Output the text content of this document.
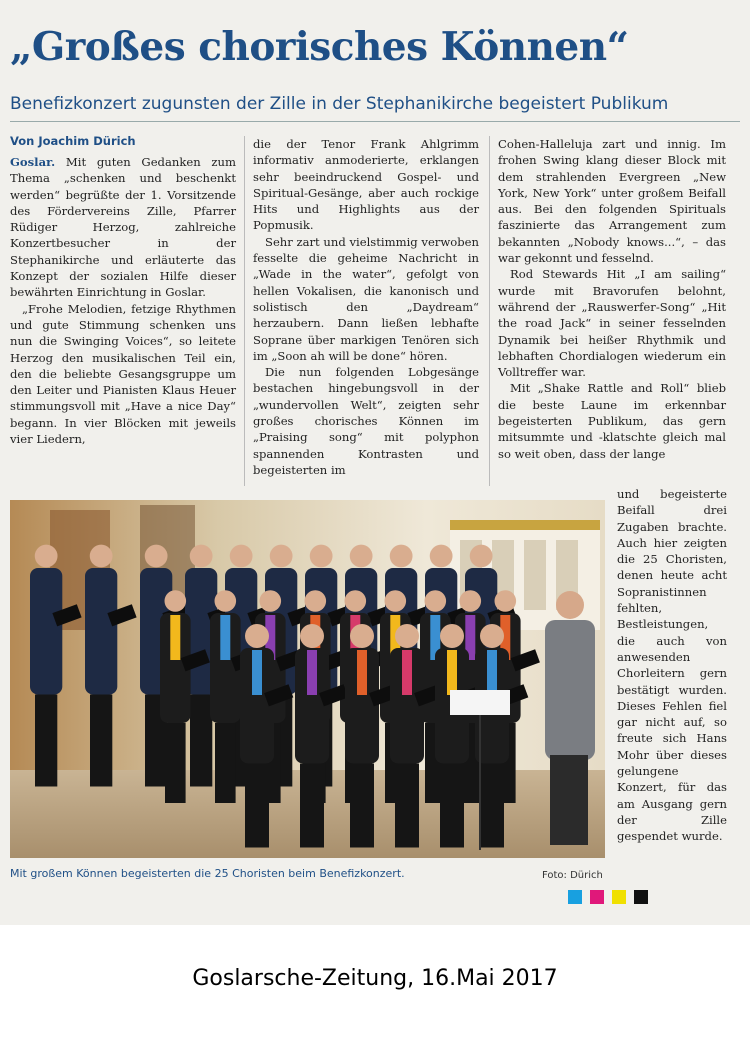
„Großes chorisches Können“
Benefizkonzert zugunsten der Zille in der Stephanikirche begeistert Publikum
Von Joachim Dürich

Goslar. Mit guten Gedanken zum Thema „schenken und beschenkt werden“ begrüßte der 1. Vorsitzende des Fördervereins Zille, Pfarrer Rüdiger Herzog, zahlreiche Konzertbesucher in der Stephanikirche und erläuterte das Konzept der sozialen Hilfe dieser bewährten Einrichtung in Goslar.

„Frohe Melodien, fetzige Rhythmen und gute Stimmung schenken uns nun die Swinging Voices“, so leitete Herzog den musikalischen Teil ein, den die beliebte Gesangsgruppe um den Leiter und Pianisten Klaus Heuer stimmungsvoll mit „Have a nice Day“ begann. In vier Blöcken mit jeweils vier Liedern,

die der Tenor Frank Ahlgrimm informativ anmoderierte, erklangen sehr beeindruckend Gospel- und Spiritual-Gesänge, aber auch rockige Hits und Highlights aus der Popmusik.

Sehr zart und vielstimmig verwoben fesselte die geheime Nachricht in „Wade in the water“, gefolgt von hellen Vokalisen, die kanonisch und solistisch den „Daydream“ herzaubern. Dann ließen lebhafte Soprane über markigen Tenören sich im „Soon ah will be done“ hören.

Die nun folgenden Lobgesänge bestachen hingebungsvoll in der „wundervollen Welt“, zeigten sehr großes chorisches Können im „Praising song“ mit polyphon spannenden Kontrasten und begeisterten im

Cohen-Halleluja zart und innig. Im frohen Swing klang dieser Block mit dem strahlenden Evergreen „New York, New York“ unter großem Beifall aus. Bei den folgenden Spirituals faszinierte das Arrangement zum bekannten „Nobody knows...“, – das war gekonnt und fesselnd.

Rod Stewards Hit „I am sailing“ wurde mit Bravorufen belohnt, während der „Rauswerfer-Song“ „Hit the road Jack“ in seiner fesselnden Dynamik bei heißer Rhythmik und lebhaften Chordialogen wiederum ein Volltreffer war.

Mit „Shake Rattle and Roll“ blieb die beste Laune im erkennbar begeisterten Publikum, das gern mitsummte und -klatschte gleich mal so weit oben, dass der lange

und begeisterte Beifall drei Zugaben brachte. Auch hier zeigten die 25 Choristen, denen heute acht Sopranistinnen fehlten, Bestleistungen, die auch von anwesenden Chorleitern gern bestätigt wurden. Dieses Fehlen fiel gar nicht auf, so freute sich Hans Mohr über dieses gelungene Konzert, für das am Ausgang gern der Zille gespendet wurde.

Mit großem Können begeisterten die 25 Choristen beim Benefizkonzert.	Foto: Dürich
Goslarsche-Zeitung, 16.Mai 2017
